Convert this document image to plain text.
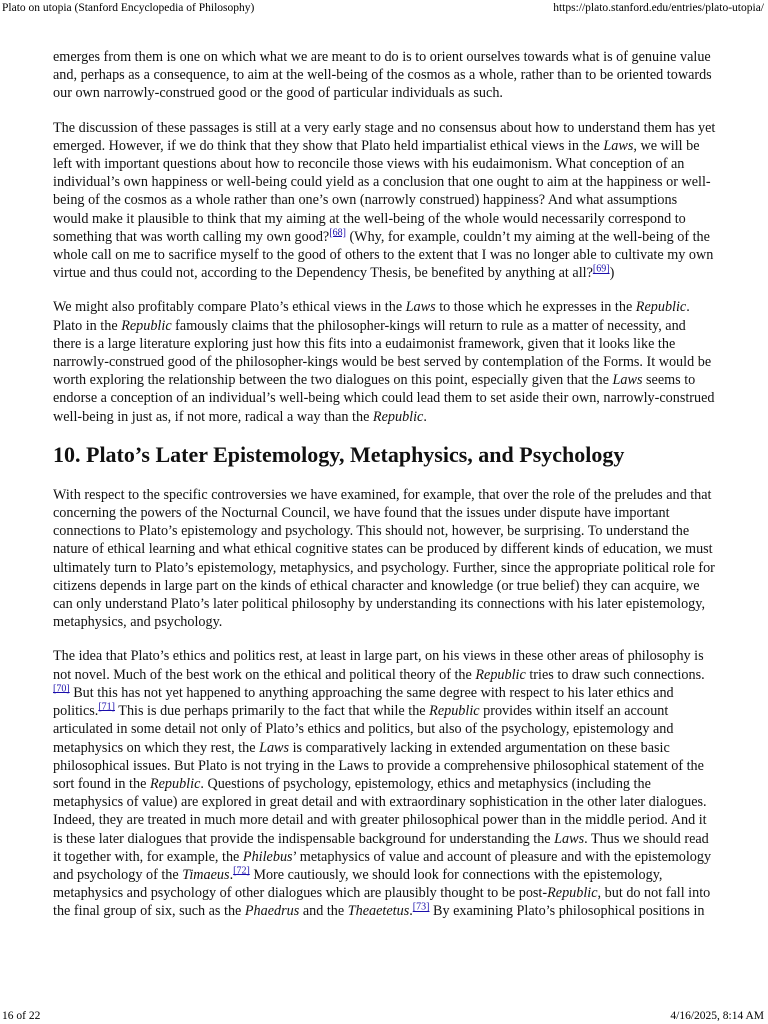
Plato on utopia (Stanford Encyclopedia of Philosophy)	https://plato.stanford.edu/entries/plato-utopia/

emerges from them is one on which what we are meant to do is to orient ourselves towards what is of genuine value and, perhaps as a consequence, to aim at the well-being of the cosmos as a whole, rather than to be oriented towards our own narrowly-construed good or the good of particular individuals as such.

The discussion of these passages is still at a very early stage and no consensus about how to understand them has yet emerged. However, if we do think that they show that Plato held impartialist ethical views in the Laws, we will be left with important questions about how to reconcile those views with his eudaimonism. What conception of an individual’s own happiness or well-being could yield as a conclusion that one ought to aim at the happiness or well-being of the cosmos as a whole rather than one’s own (narrowly construed) happiness? And what assumptions would make it plausible to think that my aiming at the well-being of the whole would necessarily correspond to something that was worth calling my own good?[68] (Why, for example, couldn’t my aiming at the well-being of the whole call on me to sacrifice myself to the good of others to the extent that I was no longer able to cultivate my own virtue and thus could not, according to the Dependency Thesis, be benefited by anything at all?[69])

We might also profitably compare Plato’s ethical views in the Laws to those which he expresses in the Republic. Plato in the Republic famously claims that the philosopher-kings will return to rule as a matter of necessity, and there is a large literature exploring just how this fits into a eudaimonist framework, given that it looks like the narrowly-construed good of the philosopher-kings would be best served by contemplation of the Forms. It would be worth exploring the relationship between the two dialogues on this point, especially given that the Laws seems to endorse a conception of an individual’s well-being which could lead them to set aside their own, narrowly-construed well-being in just as, if not more, radical a way than the Republic.

10. Plato’s Later Epistemology, Metaphysics, and Psychology

With respect to the specific controversies we have examined, for example, that over the role of the preludes and that concerning the powers of the Nocturnal Council, we have found that the issues under dispute have important connections to Plato’s epistemology and psychology. This should not, however, be surprising. To understand the nature of ethical learning and what ethical cognitive states can be produced by different kinds of education, we must ultimately turn to Plato’s epistemology, metaphysics, and psychology. Further, since the appropriate political role for citizens depends in large part on the kinds of ethical character and knowledge (or true belief) they can acquire, we can only understand Plato’s later political philosophy by understanding its connections with his later epistemology, metaphysics, and psychology.

The idea that Plato’s ethics and politics rest, at least in large part, on his views in these other areas of philosophy is not novel. Much of the best work on the ethical and political theory of the Republic tries to draw such connections.[70] But this has not yet happened to anything approaching the same degree with respect to his later ethics and politics.[71] This is due perhaps primarily to the fact that while the Republic provides within itself an account articulated in some detail not only of Plato’s ethics and politics, but also of the psychology, epistemology and metaphysics on which they rest, the Laws is comparatively lacking in extended argumentation on these basic philosophical issues. But Plato is not trying in the Laws to provide a comprehensive philosophical statement of the sort found in the Republic. Questions of psychology, epistemology, ethics and metaphysics (including the metaphysics of value) are explored in great detail and with extraordinary sophistication in the other later dialogues. Indeed, they are treated in much more detail and with greater philosophical power than in the middle period. And it is these later dialogues that provide the indispensable background for understanding the Laws. Thus we should read it together with, for example, the Philebus’ metaphysics of value and account of pleasure and with the epistemology and psychology of the Timaeus.[72] More cautiously, we should look for connections with the epistemology, metaphysics and psychology of other dialogues which are plausibly thought to be post-Republic, but do not fall into the final group of six, such as the Phaedrus and the Theaetetus.[73] By examining Plato’s philosophical positions in

16 of 22	4/16/2025, 8:14 AM
